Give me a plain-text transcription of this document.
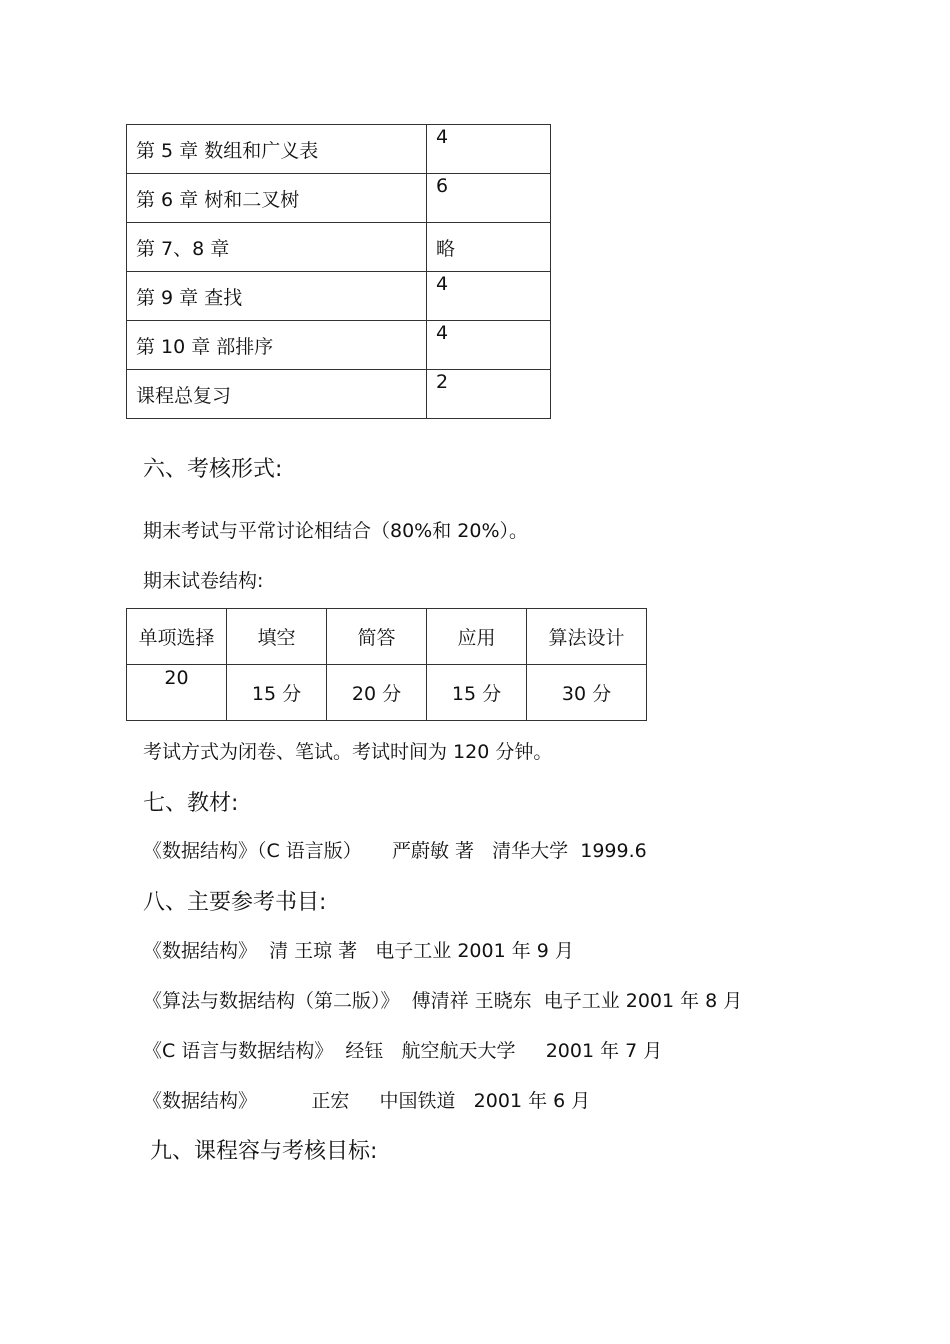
第 5 章 数组和广义表	4
第 6 章 树和二叉树	6
第 7、8 章	略
第 9 章 查找	4
第 10 章 部排序	4
课程总复习	2
六、考核形式:
期末考试与平常讨论相结合（80%和 20%）。
期末试卷结构:
单项选择	填空	简答	应用	算法设计
20	15 分	20 分	15 分	30 分
考试方式为闭卷、笔试。考试时间为 120 分钟。
七、教材:
《数据结构》（C 语言版）     严蔚敏 著   清华大学  1999.6
八、主要参考书目:
《数据结构》  清 王琼 著   电子工业 2001 年 9 月
《算法与数据结构（第二版）》  傅清祥 王晓东  电子工业 2001 年 8 月
《C 语言与数据结构》  经钰   航空航天大学     2001 年 7 月
《数据结构》         正宏     中国铁道   2001 年 6 月
九、课程容与考核目标:
